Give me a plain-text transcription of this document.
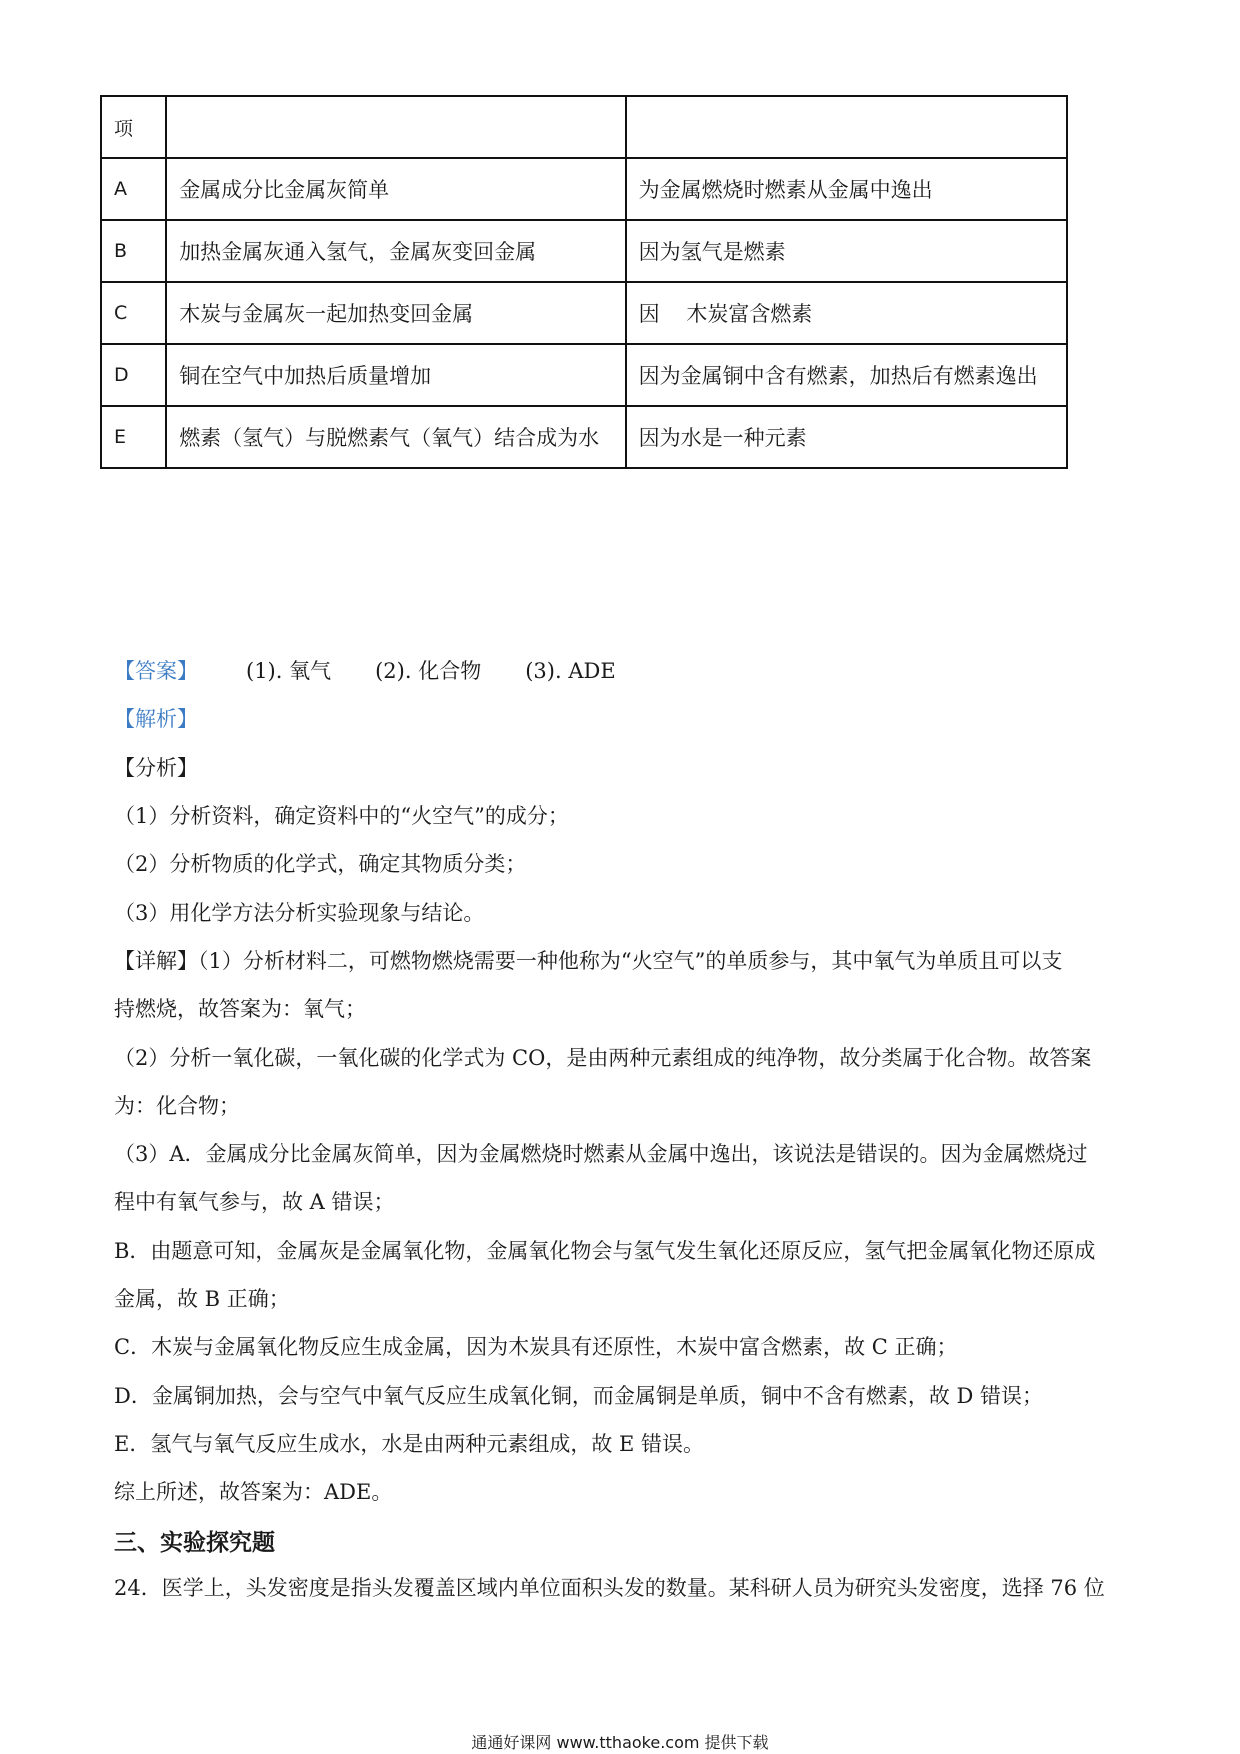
项		
A	金属成分比金属灰简单	为金属燃烧时燃素从金属中逸出
B	加热金属灰通入氢气，金属灰变回金属	因为氢气是燃素
C	木炭与金属灰一起加热变回金属	因    木炭富含燃素
D	铜在空气中加热后质量增加	因为金属铜中含有燃素，加热后有燃素逸出
E	燃素（氢气）与脱燃素气（氧气）结合成为水	因为水是一种元素
【答案】 (1). 氧气 (2). 化合物 (3). ADE
【解析】
【分析】
（1）分析资料，确定资料中的“火空气”的成分；
（2）分析物质的化学式，确定其物质分类；
（3）用化学方法分析实验现象与结论。
【详解】（1）分析材料二，可燃物燃烧需要一种他称为“火空气”的单质参与，其中氧气为单质且可以支
持燃烧，故答案为：氧气；
（2）分析一氧化碳，一氧化碳的化学式为 CO，是由两种元素组成的纯净物，故分类属于化合物。故答案
为：化合物；
（3）A．金属成分比金属灰简单，因为金属燃烧时燃素从金属中逸出，该说法是错误的。因为金属燃烧过
程中有氧气参与，故 A 错误；
B．由题意可知，金属灰是金属氧化物，金属氧化物会与氢气发生氧化还原反应，氢气把金属氧化物还原成
金属，故 B 正确；
C．木炭与金属氧化物反应生成金属，因为木炭具有还原性，木炭中富含燃素，故 C 正确；
D．金属铜加热，会与空气中氧气反应生成氧化铜，而金属铜是单质，铜中不含有燃素，故 D 错误；
E．氢气与氧气反应生成水，水是由两种元素组成，故 E 错误。
综上所述，故答案为：ADE。
三、实验探究题
24．医学上，头发密度是指头发覆盖区域内单位面积头发的数量。某科研人员为研究头发密度，选择 76 位
通通好课网 www.tthaoke.com 提供下载
